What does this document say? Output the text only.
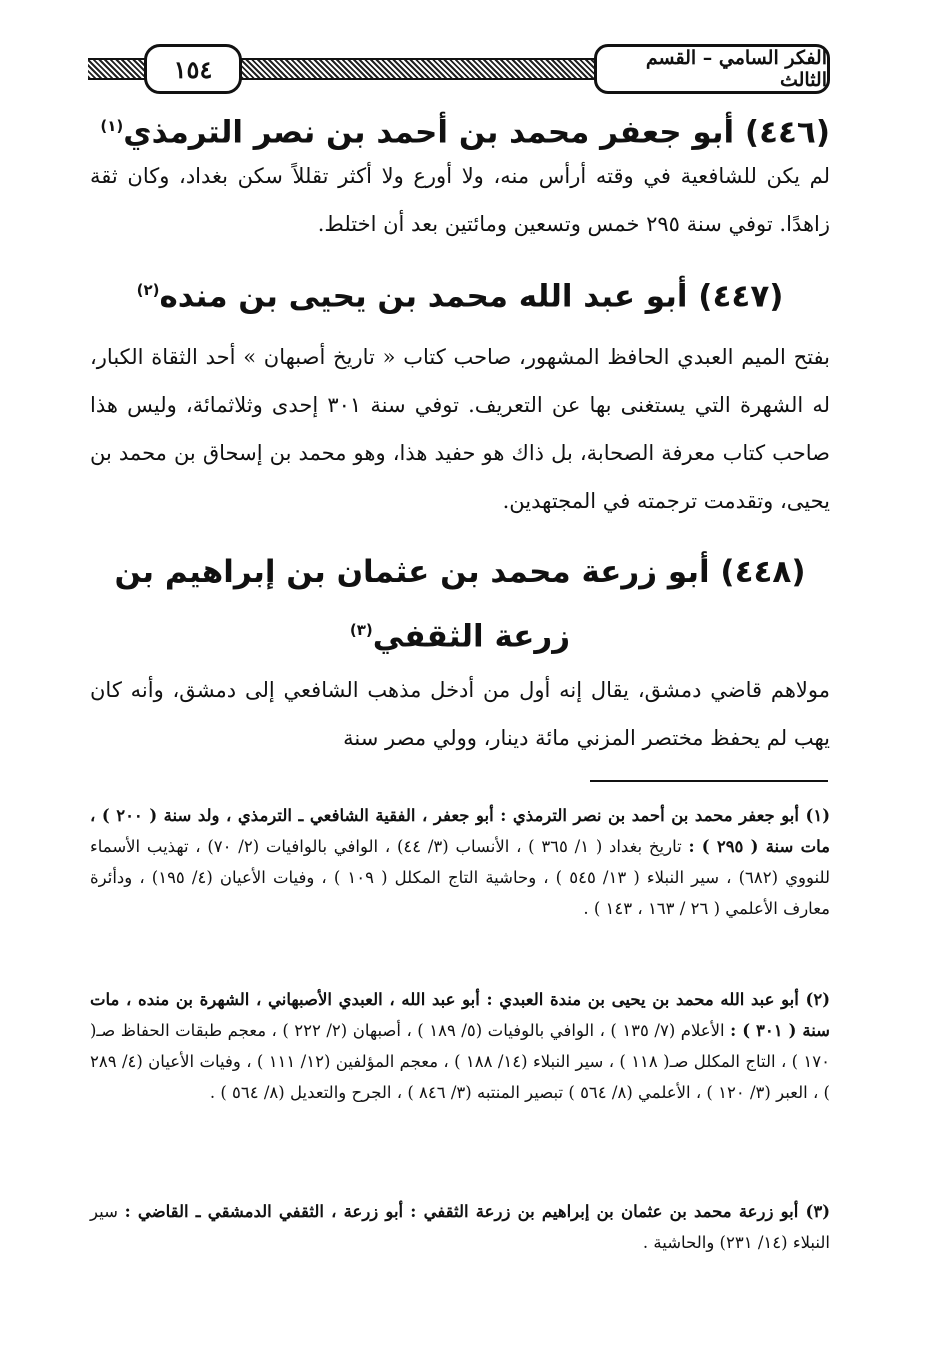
الفكر السامي – القسم الثالث
١٥٤
(٤٤٦) أبو جعفر محمد بن أحمد بن نصر الترمذي$^{(١)}$
لم يكن للشافعية في وقته أرأس منه، ولا أورع ولا أكثر تقللاً سكن بغداد، وكان ثقة زاهدًا. توفي سنة ٢٩٥ خمس وتسعين ومائتين بعد أن اختلط.
(٤٤٧) أبو عبد الله محمد بن يحيى بن منده$^{(٢)}$
بفتح الميم العبدي الحافظ المشهور، صاحب كتاب « تاريخ أصبهان » أحد الثقاة الكبار، له الشهرة التي يستغنى بها عن التعريف. توفي سنة ٣٠١ إحدى وثلاثمائة، وليس هذا صاحب كتاب معرفة الصحابة، بل ذاك هو حفيد هذا، وهو محمد بن إسحاق بن محمد بن يحيى، وتقدمت ترجمته في المجتهدين.
(٤٤٨) أبو زرعة محمد بن عثمان بن إبراهيم بن
زرعة الثقفي$^{(٣)}$
مولاهم قاضي دمشق، يقال إنه أول من أدخل مذهب الشافعي إلى دمشق، وأنه كان يهب لم يحفظ مختصر المزني مائة دينار، وولي مصر سنة
(١) أبو جعفر محمد بن أحمد بن نصر الترمذي : أبو جعفر ، الفقية الشافعي ـ الترمذي ، ولد سنة ( ٢٠٠ ) ، مات سنة ( ٢٩٥ ) : تاريخ بغداد ( ١/ ٣٦٥ ) ، الأنساب (٣/ ٤٤) ، الوافي بالوافيات (٢/ ٧٠) ، تهذيب الأسماء للنووي (٦٨٢) ، سير النبلاء ( ١٣/ ٥٤٥ ) ، وحاشية التاج المكلل ( ١٠٩ ) ، وفيات الأعيان (٤/ ١٩٥) ، ودأئرة معارف الأعلمي ( ٢٦ / ١٦٣ ، ١٤٣ ) .
(٢) أبو عبد الله محمد بن يحيى بن مندة العبدي : أبو عبد الله ، العبدي الأصبهاني ، الشهرة بن منده ، مات سنة ( ٣٠١ ) : الأعلام (٧/ ١٣٥ ) ، الوافي بالوفيات (٥/ ١٨٩ ) ، أصبهان (٢/ ٢٢٢ ) ، معجم طبقات الحفاظ صـ( ١٧٠ ) ، التاج المكلل صـ( ١١٨ ) ، سير النبلاء (١٤/ ١٨٨ ) ، معجم المؤلفين (١٢/ ١١١ ) ، وفيات الأعيان (٤/ ٢٨٩ ) ، العبر (٣/ ١٢٠ ) ، الأعلمي (٨/ ٥٦٤ ) تبصير المنتبه (٣/ ٨٤٦ ) ، الجرح والتعديل (٨/ ٥٦٤ ) .
(٣) أبو زرعة محمد بن عثمان بن إبراهيم بن زرعة الثقفي : أبو زرعة ، الثقفي الدمشقي ـ القاضي : سير النبلاء (١٤/ ٢٣١) والحاشية .
